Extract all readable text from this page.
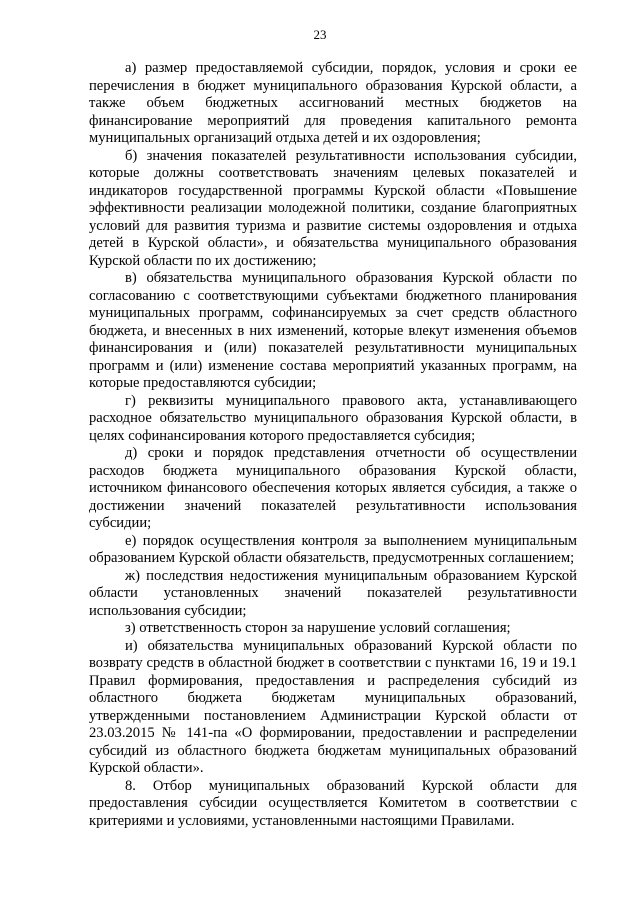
23

а) размер предоставляемой субсидии, порядок, условия и сроки ее перечисления в бюджет муниципального образования Курской области, а также объем бюджетных ассигнований местных бюджетов на финансирование мероприятий для проведения капитального ремонта муниципальных организаций отдыха детей и их оздоровления;

б) значения показателей результативности использования субсидии, которые должны соответствовать значениям целевых показателей и индикаторов государственной программы Курской области «Повышение эффективности реализации молодежной политики, создание благоприятных условий для развития туризма и развитие системы оздоровления и отдыха детей в Курской области», и обязательства муниципального образования Курской области по их достижению;

в) обязательства муниципального образования Курской области по согласованию с соответствующими субъектами бюджетного планирования муниципальных программ, софинансируемых за счет средств областного бюджета, и внесенных в них изменений, которые влекут изменения объемов финансирования и (или) показателей результативности муниципальных программ и (или) изменение состава мероприятий указанных программ, на которые предоставляются субсидии;

г) реквизиты муниципального правового акта, устанавливающего расходное обязательство муниципального образования Курской области, в целях софинансирования которого предоставляется субсидия;

д) сроки и порядок представления отчетности об осуществлении расходов бюджета муниципального образования Курской области, источником финансового обеспечения которых является субсидия, а также о достижении значений показателей результативности использования субсидии;

е) порядок осуществления контроля за выполнением муниципальным образованием Курской области обязательств, предусмотренных соглашением;

ж) последствия недостижения муниципальным образованием Курской области установленных значений показателей результативности использования субсидии;

з) ответственность сторон за нарушение условий соглашения;

и) обязательства муниципальных образований Курской области по возврату средств в областной бюджет в соответствии с пунктами 16, 19 и 19.1 Правил формирования, предоставления и распределения субсидий из областного бюджета бюджетам муниципальных образований, утвержденными постановлением Администрации Курской области от 23.03.2015 № 141-па «О формировании, предоставлении и распределении субсидий из областного бюджета бюджетам муниципальных образований Курской области».

8. Отбор муниципальных образований Курской области для предоставления субсидии осуществляется Комитетом в соответствии с критериями и условиями, установленными настоящими Правилами.
